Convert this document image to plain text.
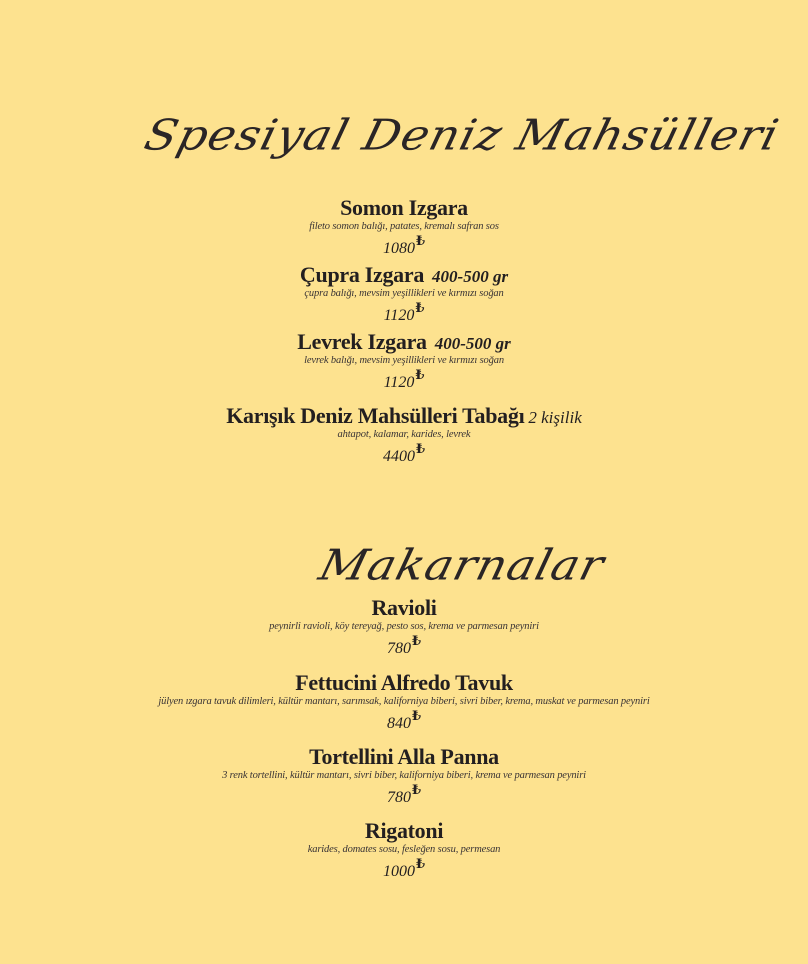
Spesiyal Deniz Mahsülleri
Somon Izgara
fileto somon balığı, patates, kremalı safran sos
1080₺
Çupra Izgara 400-500 gr
çupra balığı, mevsim yeşillikleri ve kırmızı soğan
1120₺
Levrek Izgara 400-500 gr
levrek balığı, mevsim yeşillikleri ve kırmızı soğan
1120₺
Karışık Deniz Mahsülleri Tabağı 2 kişilik
ahtapot, kalamar, karides, levrek
4400₺
Makarnalar
Ravioli
peynirli ravioli, köy tereyağ, pesto sos, krema ve parmesan peyniri
780₺
Fettucini Alfredo Tavuk
jülyen ızgara tavuk dilimleri, kültür mantarı, sarımsak, kaliforniya biberi, sivri biber, krema, muskat ve parmesan peyniri
840₺
Tortellini Alla Panna
3 renk tortellini, kültür mantarı, sivri biber, kaliforniya biberi, krema ve parmesan peyniri
780₺
Rigatoni
karides, domates sosu, fesleğen sosu, permesan
1000₺
